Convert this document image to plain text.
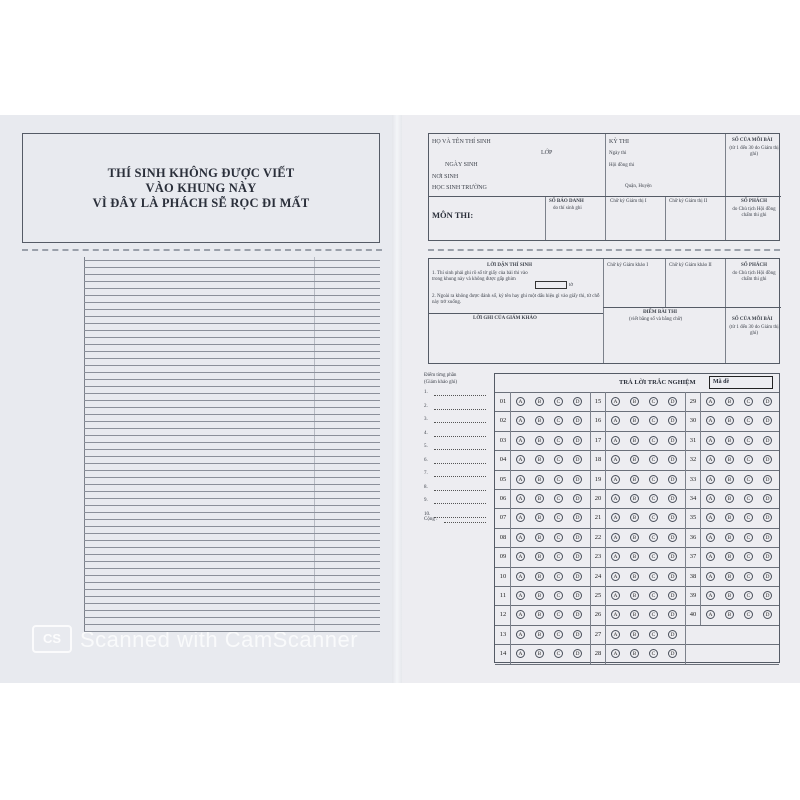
THÍ SINH KHÔNG ĐƯỢC VIẾT
VÀO KHUNG NÀY
VÌ ĐÂY LÀ PHÁCH SẼ RỌC ĐI MẤT
HỌ VÀ TÊN THÍ SINH
LỚP
NGÀY SINH
NƠI SINH
HỌC SINH TRƯỜNG
MÔN THI:
KỲ THI
Ngày thi
Hội đồng thi
Quận, Huyện
SỐ BÁO DANH
do thí sinh ghi
Chữ ký Giám thị I	Chữ ký Giám thị II
SỐ CỦA MỖI BÀI
(từ 1 đến 30 do Giám thị ghi)
SỐ PHÁCH
do Chủ tịch Hội đồng chấm thi ghi
LỜI DẶN THÍ SINH
1. Thí sinh phải ghi rõ số tờ giấy của bài thi vào trong khung này và không được gấp ghim
tờ
2. Ngoài ra không được đánh số, ký tên hay ghi một dấu hiệu gì vào giấy thi, từ chỗ này trở xuống.
LỜI GHI CỦA GIÁM KHẢO
Chữ ký Giám khảo I	Chữ ký Giám khảo II
ĐIỂM BÀI THI
(viết bằng số và bằng chữ)
SỐ PHÁCH
do Chủ tịch Hội đồng chấm thi ghi
SỐ CỦA MỖI BÀI
(từ 1 đến 30 do Giám thị ghi)
Điểm từng phần
(Giám khảo ghi)
1.
2.
3.
4.
5.
6.
7.
8.
9.
10.
Cộng :
TRẢ LỜI TRẮC NGHIỆM	Mã đề
01	A	B	C	D
02	A	B	C	D
03	A	B	C	D
04	A	B	C	D
05	A	B	C	D
06	A	B	C	D
07	A	B	C	D
08	A	B	C	D
09	A	B	C	D
10	A	B	C	D
11	A	B	C	D
12	A	B	C	D
13	A	B	C	D
14	A	B	C	D
15	A	B	C	D
16	A	B	C	D
17	A	B	C	D
18	A	B	C	D
19	A	B	C	D
20	A	B	C	D
21	A	B	C	D
22	A	B	C	D
23	A	B	C	D
24	A	B	C	D
25	A	B	C	D
26	A	B	C	D
27	A	B	C	D
28	A	B	C	D
29	A	B	C	D
30	A	B	C	D
31	A	B	C	D
32	A	B	C	D
33	A	B	C	D
34	A	B	C	D
35	A	B	C	D
36	A	B	C	D
37	A	B	C	D
38	A	B	C	D
39	A	B	C	D
40	A	B	C	D
Scanned with CamScanner
CS
